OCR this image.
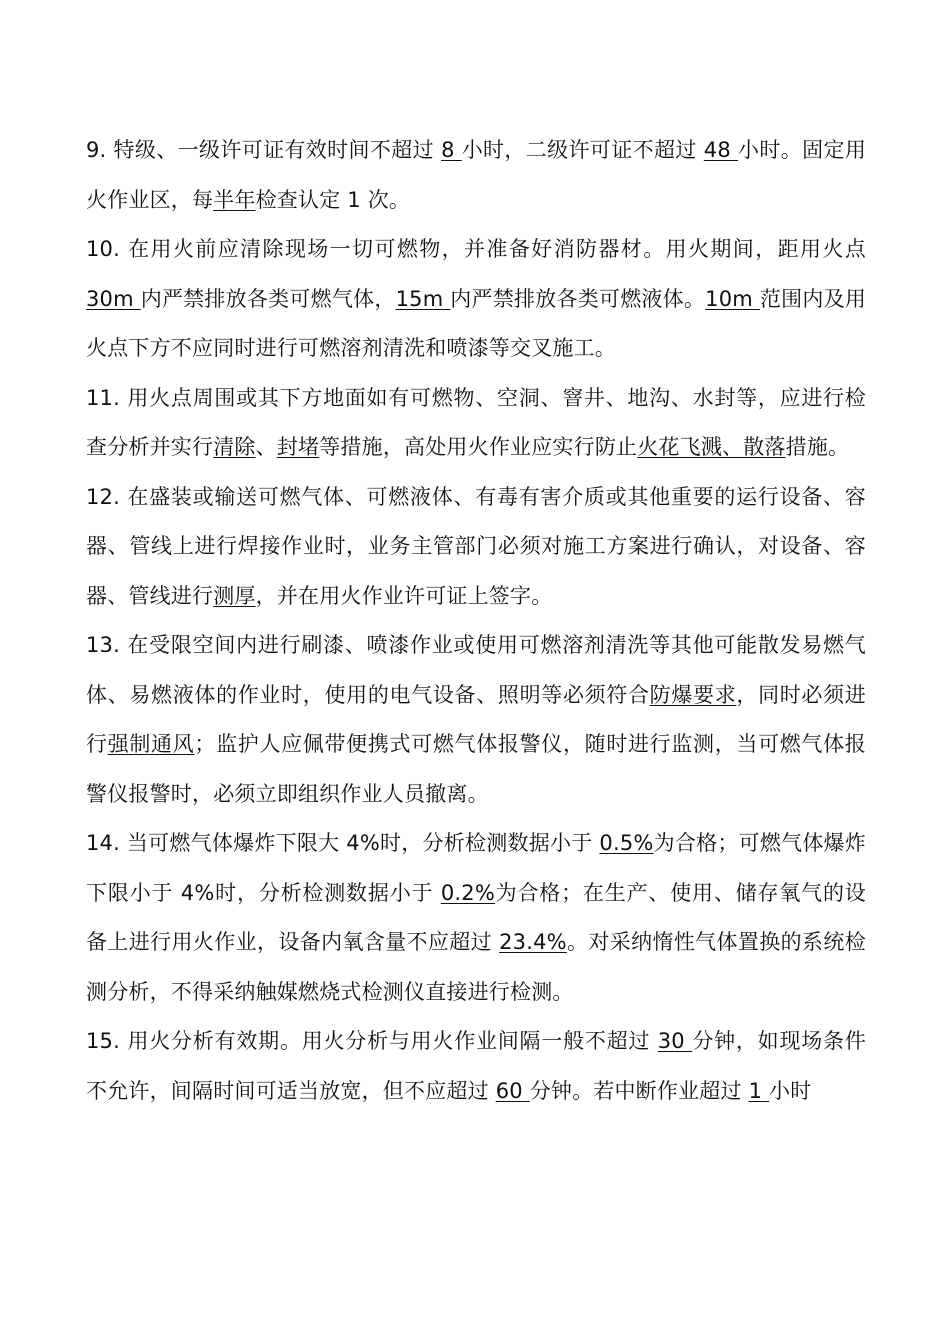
9. 特级、一级许可证有效时间不超过 8 小时，二级许可证不超过 48 小时。固定用火作业区，每半年检查认定 1 次。

10. 在用火前应清除现场一切可燃物，并准备好消防器材。用火期间，距用火点 30m 内严禁排放各类可燃气体，15m 内严禁排放各类可燃液体。10m 范围内及用火点下方不应同时进行可燃溶剂清洗和喷漆等交叉施工。

11. 用火点周围或其下方地面如有可燃物、空洞、窨井、地沟、水封等，应进行检查分析并实行清除、封堵等措施，高处用火作业应实行防止火花飞溅、散落措施。

12. 在盛装或输送可燃气体、可燃液体、有毒有害介质或其他重要的运行设备、容器、管线上进行焊接作业时，业务主管部门必须对施工方案进行确认，对设备、容器、管线进行测厚，并在用火作业许可证上签字。

13. 在受限空间内进行刷漆、喷漆作业或使用可燃溶剂清洗等其他可能散发易燃气体、易燃液体的作业时，使用的电气设备、照明等必须符合防爆要求，同时必须进行强制通风；监护人应佩带便携式可燃气体报警仪，随时进行监测，当可燃气体报警仪报警时，必须立即组织作业人员撤离。

14. 当可燃气体爆炸下限大 4%时，分析检测数据小于 0.5%为合格；可燃气体爆炸下限小于 4%时，分析检测数据小于 0.2%为合格；在生产、使用、储存氧气的设备上进行用火作业，设备内氧含量不应超过 23.4%。对采纳惰性气体置换的系统检测分析，不得采纳触媒燃烧式检测仪直接进行检测。

15. 用火分析有效期。用火分析与用火作业间隔一般不超过 30 分钟，如现场条件不允许，间隔时间可适当放宽，但不应超过 60 分钟。若中断作业超过 1 小时
